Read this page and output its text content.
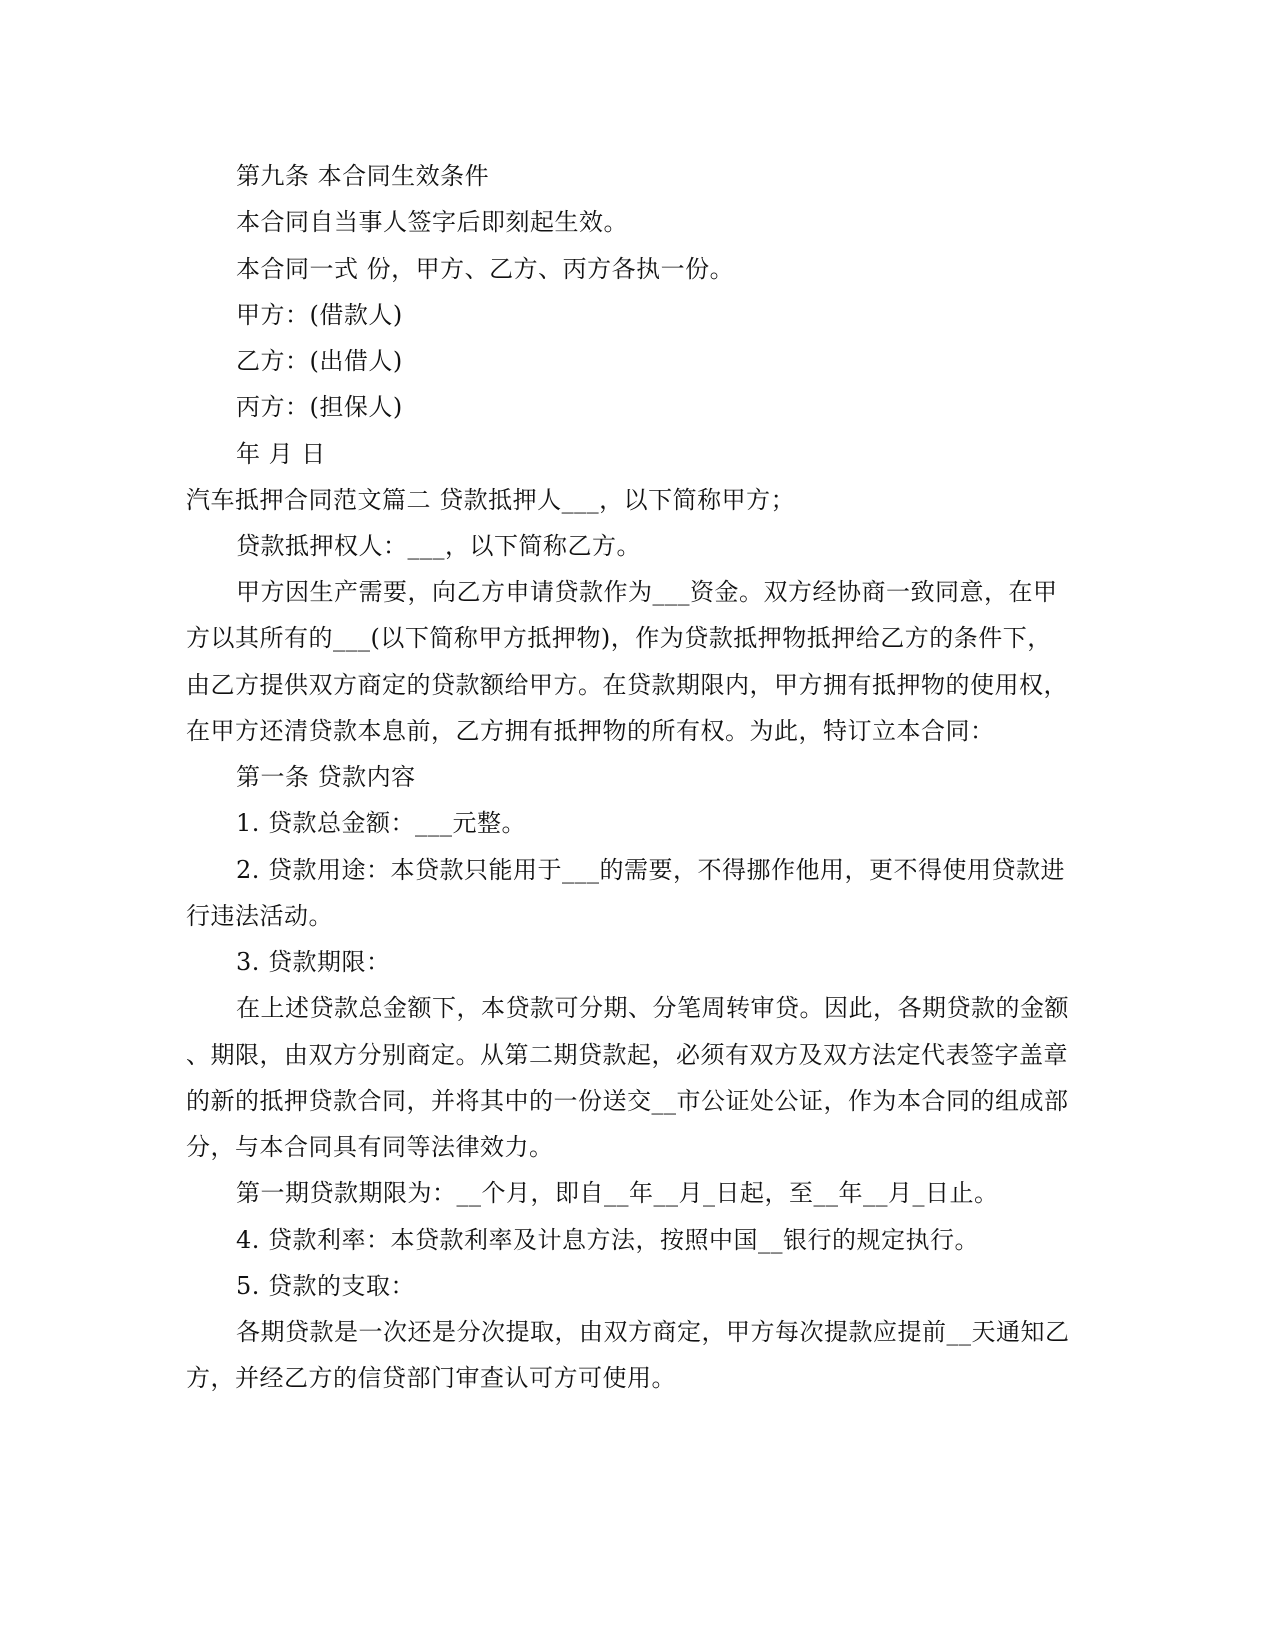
第九条 本合同生效条件
本合同自当事人签字后即刻起生效。
本合同一式 份，甲方、乙方、丙方各执一份。
甲方：(借款人)
乙方：(出借人)
丙方：(担保人)
年 月 日
汽车抵押合同范文篇二 贷款抵押人___，以下简称甲方；
贷款抵押权人：___，以下简称乙方。
甲方因生产需要，向乙方申请贷款作为___资金。双方经协商一致同意，在甲
方以其所有的___(以下简称甲方抵押物)，作为贷款抵押物抵押给乙方的条件下，
由乙方提供双方商定的贷款额给甲方。在贷款期限内，甲方拥有抵押物的使用权，
在甲方还清贷款本息前，乙方拥有抵押物的所有权。为此，特订立本合同：
第一条 贷款内容
1. 贷款总金额：___元整。
2. 贷款用途：本贷款只能用于___的需要，不得挪作他用，更不得使用贷款进
行违法活动。
3. 贷款期限：
在上述贷款总金额下，本贷款可分期、分笔周转审贷。因此，各期贷款的金额
、期限，由双方分别商定。从第二期贷款起，必须有双方及双方法定代表签字盖章
的新的抵押贷款合同，并将其中的一份送交__市公证处公证，作为本合同的组成部
分，与本合同具有同等法律效力。
第一期贷款期限为：__个月，即自__年__月_日起，至__年__月_日止。
4. 贷款利率：本贷款利率及计息方法，按照中国__银行的规定执行。
5. 贷款的支取：
各期贷款是一次还是分次提取，由双方商定，甲方每次提款应提前__天通知乙
方，并经乙方的信贷部门审查认可方可使用。
